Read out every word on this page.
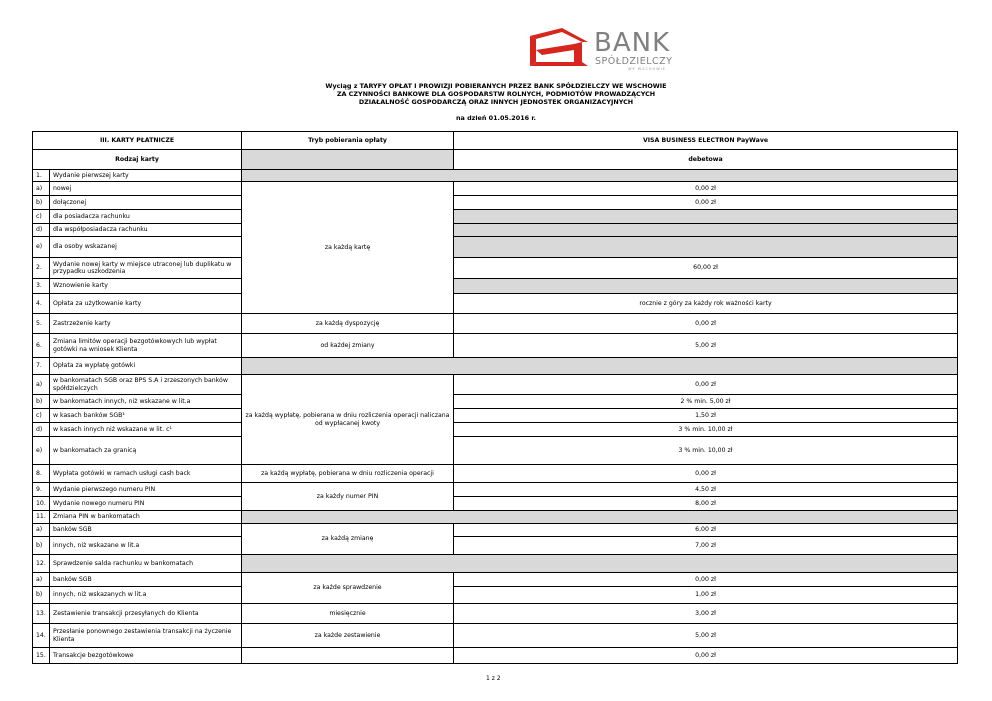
BANK
SPÓŁDZIELCZY
WE WSCHOWIE
Wyciąg z TARYFY OPŁAT I PROWIZJI POBIERANYCH PRZEZ BANK SPÓŁDZIELCZY WE WSCHOWIE
ZA CZYNNOŚCI BANKOWE DLA GOSPODARSTW ROLNYCH, PODMIOTÓW PROWADZĄCYCH
DZIAŁALNOŚĆ GOSPODARCZĄ ORAZ INNYCH JEDNOSTEK ORGANIZACYJNYCH
na dzień 01.05.2016 r.
III. KARTY PŁATNICZE		Tryb pobierania opłaty	VISA BUSINESS ELECTRON PayWave	
Rodzaj karty			debetowa	
1.	Wydanie pierwszej karty			
a)	nowej	za każdą kartę	0,00 zł	
b)	dołączonej		0,00 zł	
c)	dla posiadacza rachunku			
d)	dla współposiadacza rachunku			
e)	dla osoby wskazanej			
2.	Wydanie nowej karty w miejsce utraconej lub duplikatu w przypadku uszkodzenia		60,00 zł	
3.	Wznowienie karty			
4.	Opłata za użytkowanie karty		rocznie z góry za każdy rok ważności karty	
5.	Zastrzeżenie karty	za każdą dyspozycję	0,00 zł	
6.	Zmiana limitów operacji bezgotówkowych lub wypłat gotówki na wniosek Klienta	od każdej zmiany	5,00 zł	
7.	Opłata za wypłatę gotówki			
a)	w bankomatach SGB oraz BPS S.A i zrzeszonych banków spółdzielczych	za każdą wypłatę, pobierana w dniu rozliczenia operacji naliczana od wypłacanej kwoty	0,00 zł	
b)	w bankomatach innych, niż wskazane w lit.a		2 % min. 5,00 zł	
c)	w kasach banków SGB¹		1,50 zł	
d)	w kasach innych niż wskazane w lit. c¹		3 % min. 10,00 zł	
e)	w bankomatach za granicą		3 % min. 10,00 zł	
8.	Wypłata gotówki w ramach usługi cash back	za każdą wypłatę, pobierana w dniu rozliczenia operacji	0,00 zł	
9.	Wydanie pierwszego numeru PIN	za każdy numer PIN	4,50 zł	
10.	Wydanie nowego numeru PIN		8,00 zł	
11.	Zmiana PIN w bankomatach			
a)	banków SGB	za każdą zmianę	6,00 zł	
b)	innych, niż wskazane w lit.a		7,00 zł	
12.	Sprawdzenie salda rachunku w bankomatach			
a)	banków SGB	za każde sprawdzenie	0,00 zł	
b)	innych, niż wskazanych w lit.a		1,00 zł	
13.	Zestawienie transakcji przesyłanych do Klienta	miesięcznie	3,00 zł	
14.	Przesłanie ponownego zestawienia transakcji na życzenie Klienta	za każde zestawienie	5,00 zł	
15.	Transakcje bezgotówkowe		0,00 zł	
1 z 2
